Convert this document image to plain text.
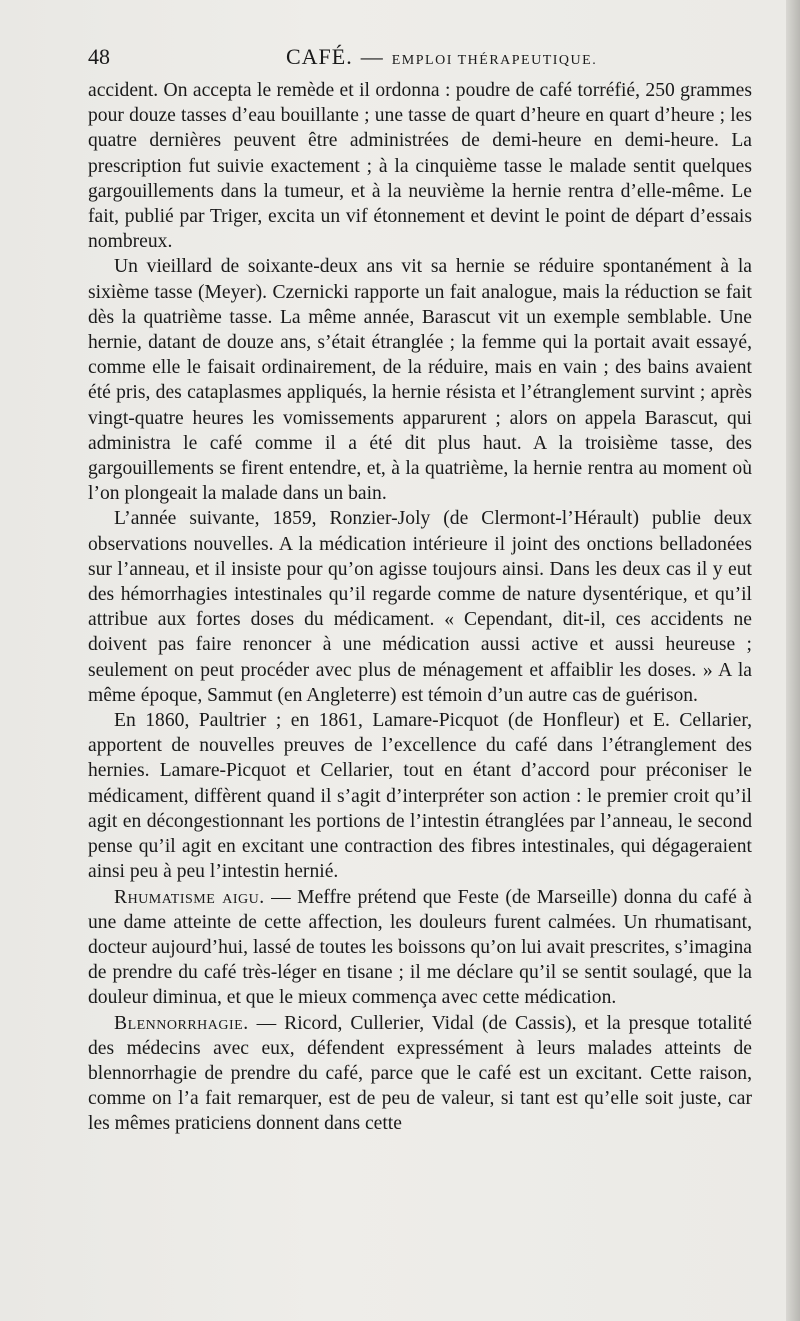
48	CAFÉ. — EMPLOI THÉRAPEUTIQUE.

accident. On accepta le remède et il ordonna : poudre de café torréfié, 250 grammes pour douze tasses d’eau bouillante ; une tasse de quart d’heure en quart d’heure ; les quatre dernières peuvent être administrées de demi-heure en demi-heure. La prescription fut suivie exactement ; à la cinquième tasse le malade sentit quelques gargouillements dans la tumeur, et à la neuvième la hernie rentra d’elle-même. Le fait, publié par Triger, excita un vif étonnement et devint le point de départ d’essais nombreux.

Un vieillard de soixante-deux ans vit sa hernie se réduire spontanément à la sixième tasse (Meyer). Czernicki rapporte un fait analogue, mais la réduction se fait dès la quatrième tasse. La même année, Barascut vit un exemple semblable. Une hernie, datant de douze ans, s’était étranglée ; la femme qui la portait avait essayé, comme elle le faisait ordinairement, de la réduire, mais en vain ; des bains avaient été pris, des cataplasmes appliqués, la hernie résista et l’étranglement survint ; après vingt-quatre heures les vomissements apparurent ; alors on appela Barascut, qui administra le café comme il a été dit plus haut. A la troisième tasse, des gargouillements se firent entendre, et, à la quatrième, la hernie rentra au moment où l’on plongeait la malade dans un bain.

L’année suivante, 1859, Ronzier-Joly (de Clermont-l’Hérault) publie deux observations nouvelles. A la médication intérieure il joint des onctions belladonées sur l’anneau, et il insiste pour qu’on agisse toujours ainsi. Dans les deux cas il y eut des hémorrhagies intestinales qu’il regarde comme de nature dysentérique, et qu’il attribue aux fortes doses du médicament. « Cependant, dit-il, ces accidents ne doivent pas faire renoncer à une médication aussi active et aussi heureuse ; seulement on peut procéder avec plus de ménagement et affaiblir les doses. » A la même époque, Sammut (en Angleterre) est témoin d’un autre cas de guérison.

En 1860, Paultrier ; en 1861, Lamare-Picquot (de Honfleur) et E. Cellarier, apportent de nouvelles preuves de l’excellence du café dans l’étranglement des hernies. Lamare-Picquot et Cellarier, tout en étant d’accord pour préconiser le médicament, diffèrent quand il s’agit d’interpréter son action : le premier croit qu’il agit en décongestionnant les portions de l’intestin étranglées par l’anneau, le second pense qu’il agit en excitant une contraction des fibres intestinales, qui dégageraient ainsi peu à peu l’intestin hernié.

Rhumatisme aigu. — Meffre prétend que Feste (de Marseille) donna du café à une dame atteinte de cette affection, les douleurs furent calmées. Un rhumatisant, docteur aujourd’hui, lassé de toutes les boissons qu’on lui avait prescrites, s’imagina de prendre du café très-léger en tisane ; il me déclare qu’il se sentit soulagé, que la douleur diminua, et que le mieux commença avec cette médication.

Blennorrhagie. — Ricord, Cullerier, Vidal (de Cassis), et la presque totalité des médecins avec eux, défendent expressément à leurs malades atteints de blennorrhagie de prendre du café, parce que le café est un excitant. Cette raison, comme on l’a fait remarquer, est de peu de valeur, si tant est qu’elle soit juste, car les mêmes praticiens donnent dans cette
